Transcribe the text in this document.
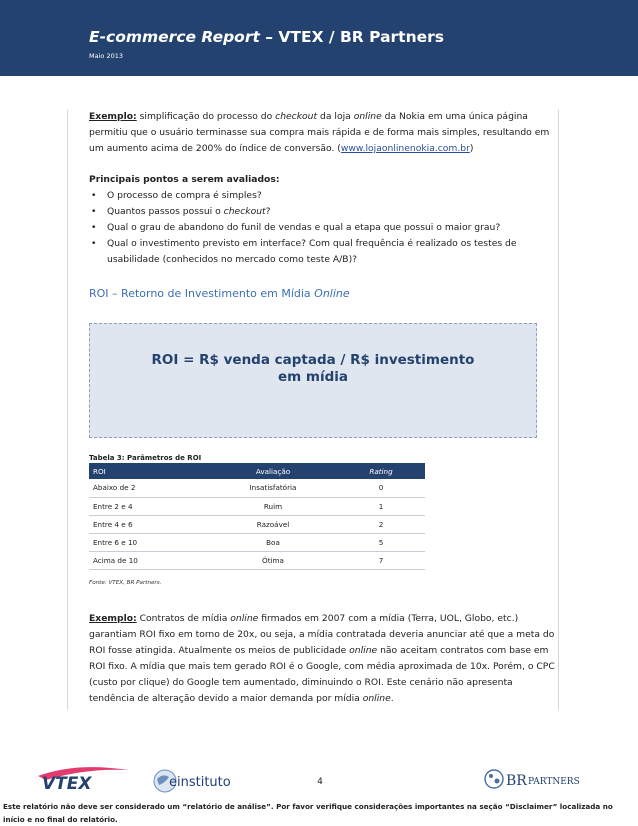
E-commerce Report – VTEX / BR Partners
Maio 2013
Exemplo: simplificação do processo do checkout da loja online da Nokia em uma única página permitiu que o usuário terminasse sua compra mais rápida e de forma mais simples, resultando em um aumento acima de 200% do índice de conversão. (www.lojaonlinenokia.com.br)
Principais pontos a serem avaliados:
• O processo de compra é simples?
• Quantos passos possui o checkout?
• Qual o grau de abandono do funil de vendas e qual a etapa que possui o maior grau?
• Qual o investimento previsto em interface? Com qual frequência é realizado os testes de usabilidade (conhecidos no mercado como teste A/B)?
ROI – Retorno de Investimento em Mídia Online
ROI = R$ venda captada / R$ investimento
em mídia
Tabela 3: Parâmetros de ROI
ROI	Avaliação	Rating
Abaixo de 2	Insatisfatória	0
Entre 2 e 4	Ruim	1
Entre 4 e 6	Razoável	2
Entre 6 e 10	Boa	5
Acima de 10	Ótima	7
Fonte: VTEX, BR Partners.
Exemplo: Contratos de mídia online firmados em 2007 com a mídia (Terra, UOL, Globo, etc.) garantiam ROI fixo em torno de 20x, ou seja, a mídia contratada deveria anunciar até que a meta do ROI fosse atingida. Atualmente os meios de publicidade online não aceitam contratos com base em ROI fixo. A mídia que mais tem gerado ROI é o Google, com média aproximada de 10x. Porém, o CPC (custo por clique) do Google tem aumentado, diminuindo o ROI. Este cenário não apresenta tendência de alteração devido a maior demanda por mídia online.
VTEX	einstituto	4	BR PARTNERS
Este relatório não deve ser considerado um “relatório de análise”. Por favor verifique considerações importantes na seção “Disclaimer” localizada no início e no final do relatório.
